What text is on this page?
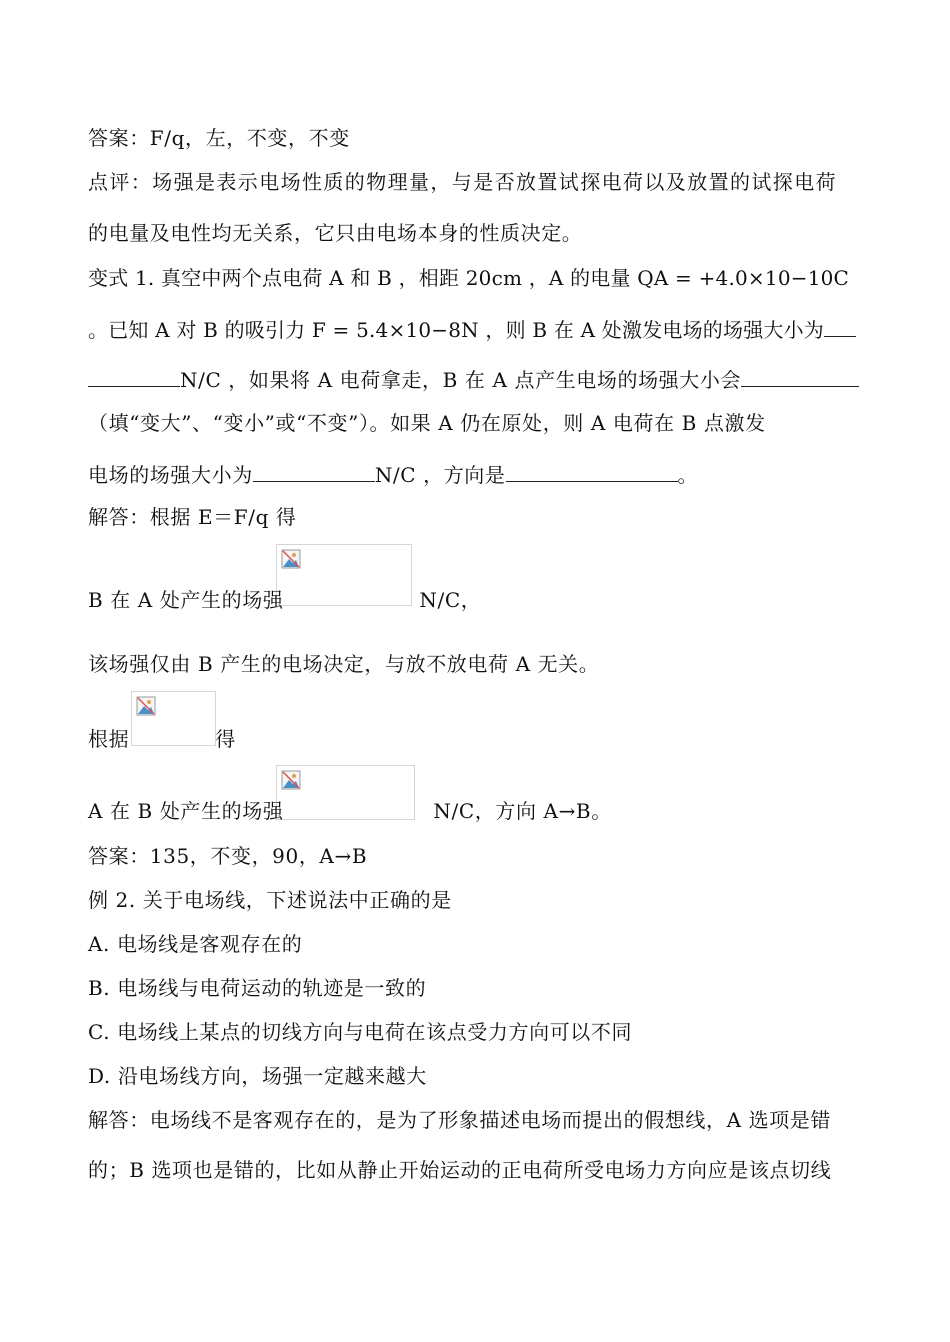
答案：F/q，左，不变，不变
点评：场强是表示电场性质的物理量，与是否放置试探电荷以及放置的试探电荷
的电量及电性均无关系，它只由电场本身的性质决定。
变式 1. 真空中两个点电荷 A 和 B ，相距 20cm ，A 的电量 QA = +4.0×10−10C
。已知 A 对 B 的吸引力 F = 5.4×10−8N ，则 B 在 A 处激发电场的场强大小为
N/C ，如果将 A 电荷拿走，B 在 A 点产生电场的场强大小会
（填“变大”、“变小”或“不变”）。如果 A 仍在原处，则 A 电荷在 B 点激发
电场的场强大小为	N/C ，方向是	。
解答：根据 E＝F/q 得
B 在 A 处产生的场强	N/C，
该场强仅由 B 产生的电场决定，与放不放电荷 A 无关。
根据	得
A 在 B 处产生的场强	N/C，方向 A→B。
答案：135，不变，90，A→B
例 2. 关于电场线，下述说法中正确的是
A. 电场线是客观存在的
B. 电场线与电荷运动的轨迹是一致的
C. 电场线上某点的切线方向与电荷在该点受力方向可以不同
D. 沿电场线方向，场强一定越来越大
解答：电场线不是客观存在的，是为了形象描述电场而提出的假想线，A 选项是错
的；B 选项也是错的，比如从静止开始运动的正电荷所受电场力方向应是该点切线
